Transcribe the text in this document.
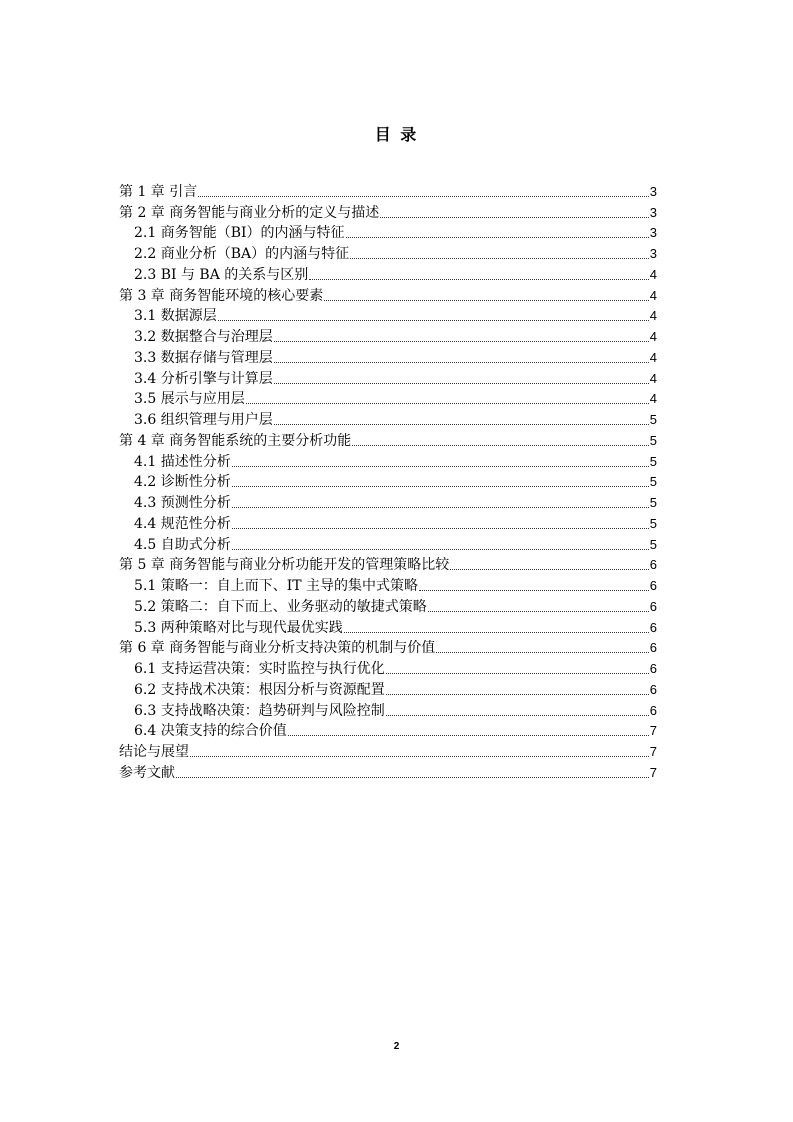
目 录
第 1 章 引言	3
第 2 章 商务智能与商业分析的定义与描述	3
2.1 商务智能（BI）的内涵与特征	3
2.2 商业分析（BA）的内涵与特征	3
2.3 BI 与 BA 的关系与区别	4
第 3 章 商务智能环境的核心要素	4
3.1 数据源层	4
3.2 数据整合与治理层	4
3.3 数据存储与管理层	4
3.4 分析引擎与计算层	4
3.5 展示与应用层	4
3.6 组织管理与用户层	5
第 4 章 商务智能系统的主要分析功能	5
4.1 描述性分析	5
4.2 诊断性分析	5
4.3 预测性分析	5
4.4 规范性分析	5
4.5 自助式分析	5
第 5 章 商务智能与商业分析功能开发的管理策略比较	6
5.1 策略一：自上而下、IT 主导的集中式策略	6
5.2 策略二：自下而上、业务驱动的敏捷式策略	6
5.3 两种策略对比与现代最优实践	6
第 6 章 商务智能与商业分析支持决策的机制与价值	6
6.1 支持运营决策：实时监控与执行优化	6
6.2 支持战术决策：根因分析与资源配置	6
6.3 支持战略决策：趋势研判与风险控制	6
6.4 决策支持的综合价值	7
结论与展望	7
参考文献	7
2
